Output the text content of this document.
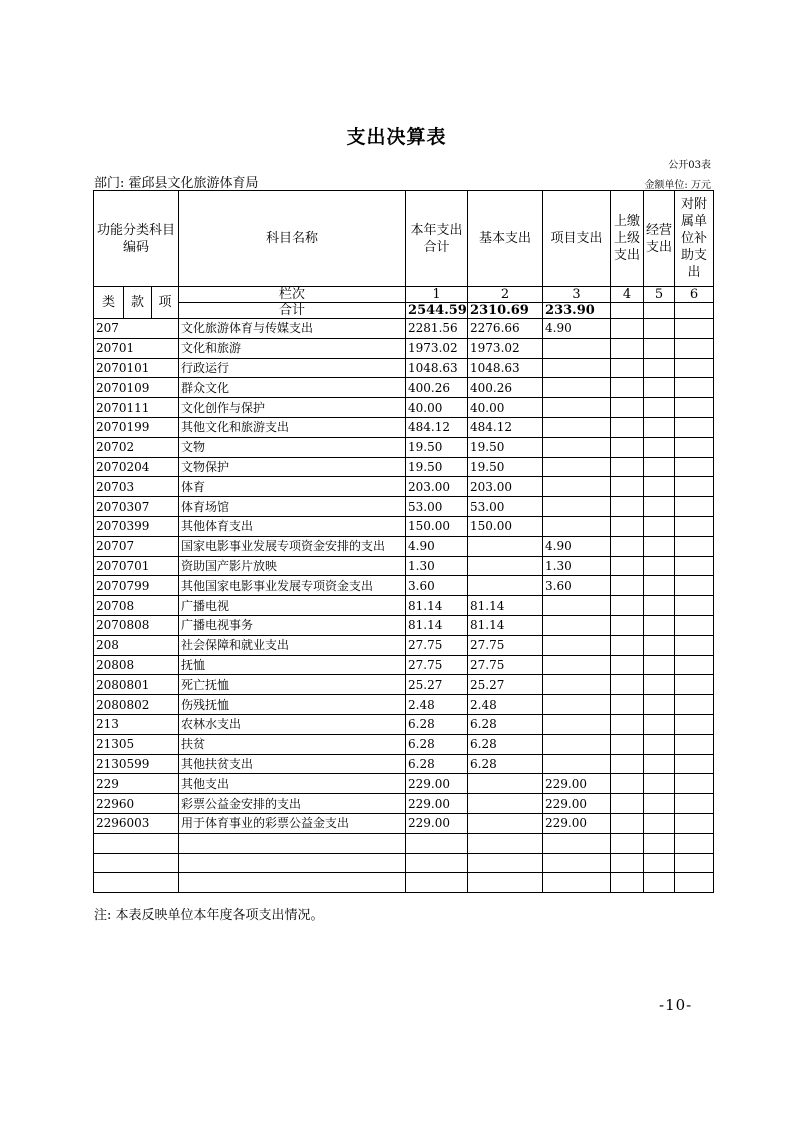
支出决算表
公开03表
部门: 霍邱县文化旅游体育局	金额单位: 万元
功能分类科目编码			科目名称	本年支出合计	基本支出	项目支出	上缴上级支出	经营支出	对附属单位补助支出
类	款	项	栏次	1	2	3	4	5	6
			合计	2544.59	2310.69	233.90			
207			文化旅游体育与传媒支出	2281.56	2276.66	4.90			
20701			文化和旅游	1973.02	1973.02				
2070101			行政运行	1048.63	1048.63				
2070109			群众文化	400.26	400.26				
2070111			文化创作与保护	40.00	40.00				
2070199			其他文化和旅游支出	484.12	484.12				
20702			文物	19.50	19.50				
2070204			文物保护	19.50	19.50				
20703			体育	203.00	203.00				
2070307			体育场馆	53.00	53.00				
2070399			其他体育支出	150.00	150.00				
20707			国家电影事业发展专项资金安排的支出	4.90		4.90			
2070701			资助国产影片放映	1.30		1.30			
2070799			其他国家电影事业发展专项资金支出	3.60		3.60			
20708			广播电视	81.14	81.14				
2070808			广播电视事务	81.14	81.14				
208			社会保障和就业支出	27.75	27.75				
20808			抚恤	27.75	27.75				
2080801			死亡抚恤	25.27	25.27				
2080802			伤残抚恤	2.48	2.48				
213			农林水支出	6.28	6.28				
21305			扶贫	6.28	6.28				
2130599			其他扶贫支出	6.28	6.28				
229			其他支出	229.00		229.00			
22960			彩票公益金安排的支出	229.00		229.00			
2296003			用于体育事业的彩票公益金支出	229.00		229.00			

注: 本表反映单位本年度各项支出情况。
-10-
